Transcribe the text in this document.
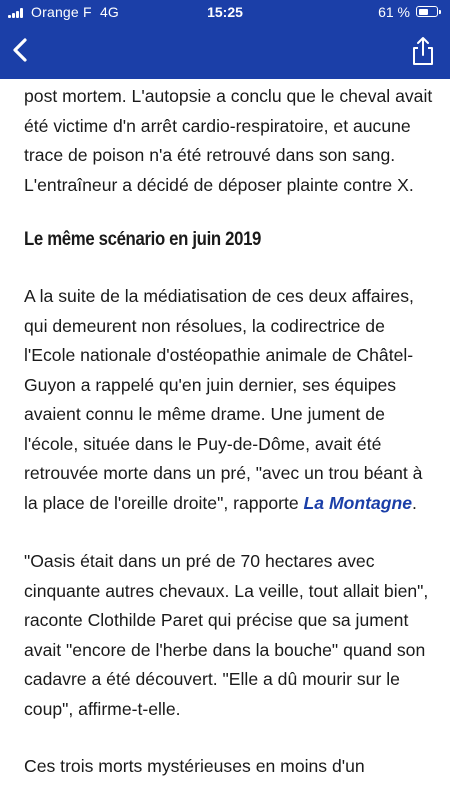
Orange F 4G	15:25	61 %

post mortem. L'autopsie a conclu que le cheval avait été victime d'n arrêt cardio-respiratoire, et aucune trace de poison n'a été retrouvé dans son sang. L'entraîneur a décidé de déposer plainte contre X.

Le même scénario en juin 2019

A la suite de la médiatisation de ces deux affaires, qui demeurent non résolues, la codirectrice de l'Ecole nationale d'ostéopathie animale de Châtel-Guyon a rappelé qu'en juin dernier, ses équipes avaient connu le même drame. Une jument de l'école, située dans le Puy-de-Dôme, avait été retrouvée morte dans un pré, "avec un trou béant à la place de l'oreille droite", rapporte La Montagne.

"Oasis était dans un pré de 70 hectares avec cinquante autres chevaux. La veille, tout allait bien", raconte Clothilde Paret qui précise que sa jument avait "encore de l'herbe dans la bouche" quand son cadavre a été découvert. "Elle a dû mourir sur le coup", affirme-t-elle.

Ces trois morts mystérieuses en moins d'un
